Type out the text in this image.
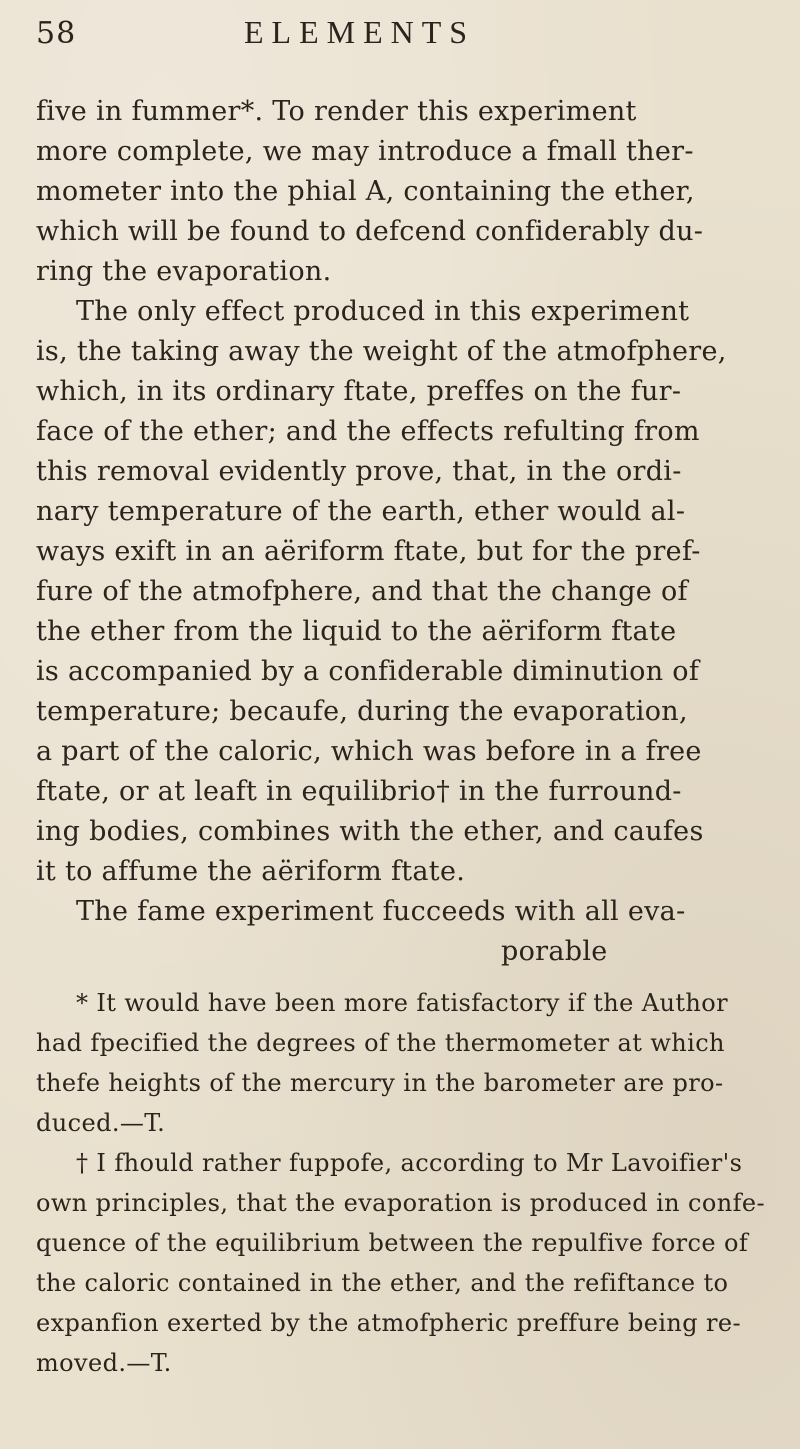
58	ELEMENTS
five in fummer*. To render this experiment
more complete, we may introduce a fmall ther-
mometer into the phial A, containing the ether,
which will be found to defcend confiderably du-
ring the evaporation.
The only effect produced in this experiment
is, the taking away the weight of the atmofphere,
which, in its ordinary ftate, preffes on the fur-
face of the ether; and the effects refulting from
this removal evidently prove, that, in the ordi-
nary temperature of the earth, ether would al-
ways exift in an aëriform ftate, but for the pref-
fure of the atmofphere, and that the change of
the ether from the liquid to the aëriform ftate
is accompanied by a confiderable diminution of
temperature; becaufe, during the evaporation,
a part of the caloric, which was before in a free
ftate, or at leaft in equilibrio† in the furround-
ing bodies, combines with the ether, and caufes
it to affume the aëriform ftate.
The fame experiment fucceeds with all eva-
porable
* It would have been more fatisfactory if the Author
had fpecified the degrees of the thermometer at which
thefe heights of the mercury in the barometer are pro-
duced.—T.
† I fhould rather fuppofe, according to Mr Lavoifier's
own principles, that the evaporation is produced in confe-
quence of the equilibrium between the repulfive force of
the caloric contained in the ether, and the refiftance to
expanfion exerted by the atmofpheric preffure being re-
moved.—T.
